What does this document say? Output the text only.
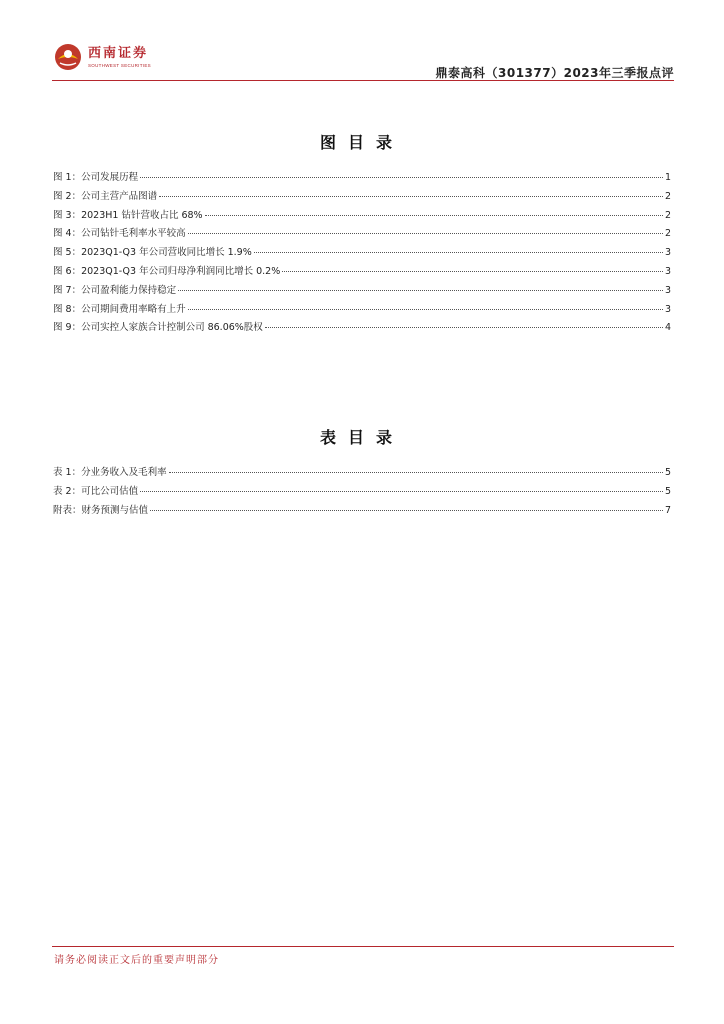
西南证券
SOUTHWEST SECURITIES
鼎泰高科（301377）2023年三季报点评
图目录
图 1：公司发展历程	1
图 2：公司主营产品图谱	2
图 3：2023H1 钻针营收占比 68%	2
图 4：公司钻针毛利率水平较高	2
图 5：2023Q1-Q3 年公司营收同比增长 1.9%	3
图 6：2023Q1-Q3 年公司归母净利润同比增长 0.2%	3
图 7：公司盈利能力保持稳定	3
图 8：公司期间费用率略有上升	3
图 9：公司实控人家族合计控制公司 86.06%股权	4
表目录
表 1：分业务收入及毛利率	5
表 2：可比公司估值	5
附表：财务预测与估值	7
请务必阅读正文后的重要声明部分
